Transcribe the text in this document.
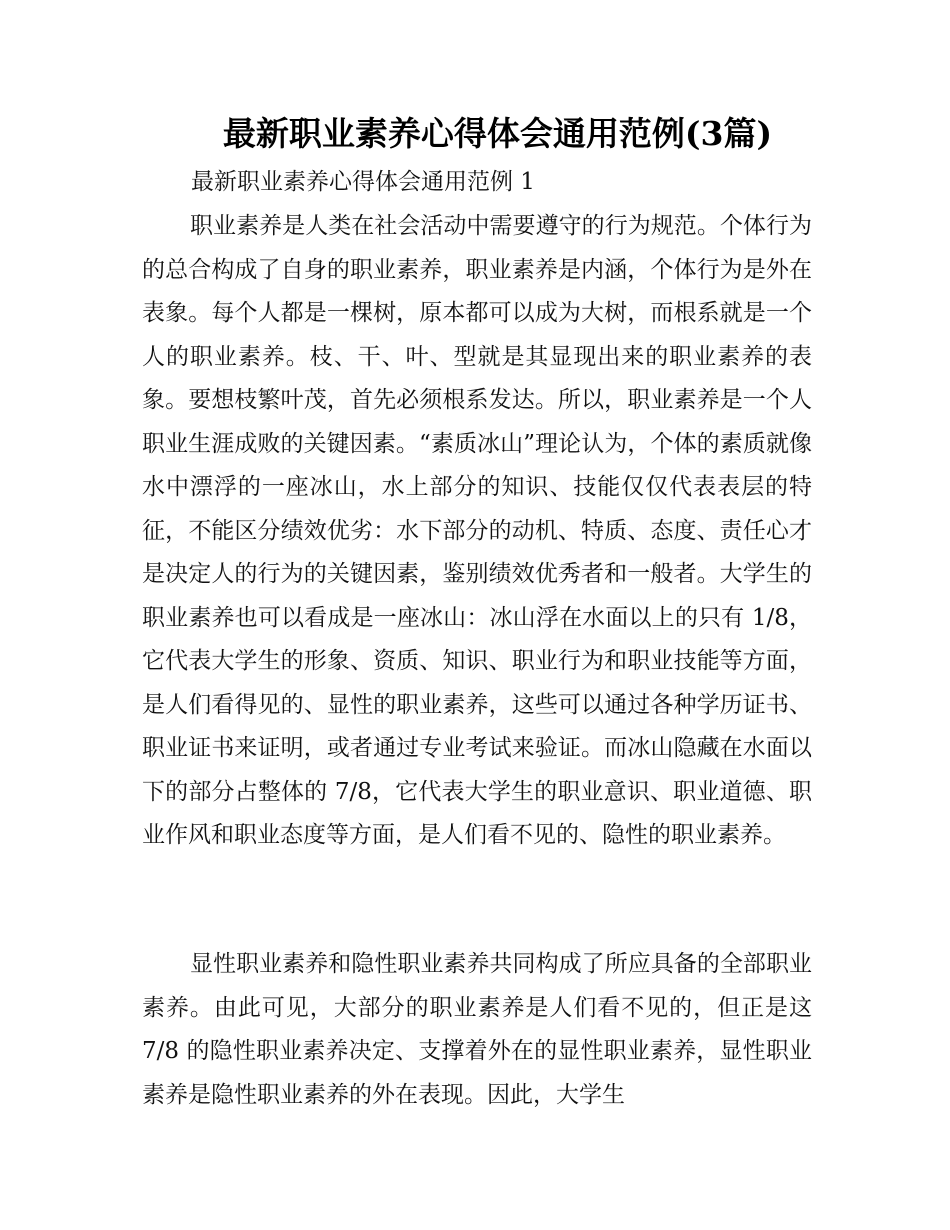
最新职业素养心得体会通用范例(3篇)
最新职业素养心得体会通用范例 1

职业素养是人类在社会活动中需要遵守的行为规范。个体行为的总合构成了自身的职业素养，职业素养是内涵，个体行为是外在表象。每个人都是一棵树，原本都可以成为大树，而根系就是一个人的职业素养。枝、干、叶、型就是其显现出来的职业素养的表象。要想枝繁叶茂，首先必须根系发达。所以，职业素养是一个人职业生涯成败的关键因素。“素质冰山”理论认为，个体的素质就像水中漂浮的一座冰山，水上部分的知识、技能仅仅代表表层的特征，不能区分绩效优劣：水下部分的动机、特质、态度、责任心才是决定人的行为的关键因素，鉴别绩效优秀者和一般者。大学生的职业素养也可以看成是一座冰山：冰山浮在水面以上的只有 1/8，它代表大学生的形象、资质、知识、职业行为和职业技能等方面，是人们看得见的、显性的职业素养，这些可以通过各种学历证书、职业证书来证明，或者通过专业考试来验证。而冰山隐藏在水面以下的部分占整体的 7/8，它代表大学生的职业意识、职业道德、职业作风和职业态度等方面，是人们看不见的、隐性的职业素养。

显性职业素养和隐性职业素养共同构成了所应具备的全部职业素养。由此可见，大部分的职业素养是人们看不见的，但正是这 7/8 的隐性职业素养决定、支撑着外在的显性职业素养，显性职业素养是隐性职业素养的外在表现。因此，大学生
